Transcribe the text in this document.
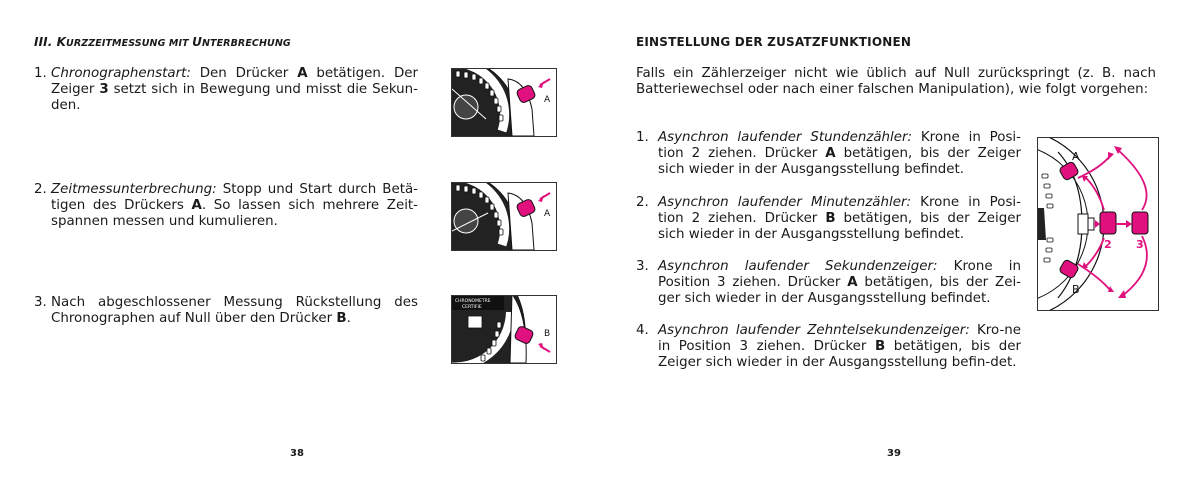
III. KURZZEITMESSUNG MIT UNTERBRECHUNG
1. Chronographenstart: Den Drücker A betätigen. Der Zeiger 3 setzt sich in Bewegung und misst die Sekun-den.
2. Zeitmessunterbrechung: Stopp und Start durch Betä-tigen des Drückers A. So lassen sich mehrere Zeit-spannen messen und kumulieren.
3. Nach abgeschlossener Messung Rückstellung des Chronographen auf Null über den Drücker B.
A
A
CHRONOMETRE
CERTIFIE
B
38
EINSTELLUNG DER ZUSATZFUNKTIONEN
Falls ein Zählerzeiger nicht wie üblich auf Null zurückspringt (z. B. nach Batteriewechsel oder nach einer falschen Manipulation), wie folgt vorgehen:
1. Asynchron laufender Stundenzähler: Krone in Posi-tion 2 ziehen. Drücker A betätigen, bis der Zeiger sich wieder in der Ausgangsstellung befindet.
2. Asynchron laufender Minutenzähler: Krone in Posi-tion 2 ziehen. Drücker B betätigen, bis der Zeiger sich wieder in der Ausgangsstellung befindet.
3. Asynchron laufender Sekundenzeiger: Krone in Position 3 ziehen. Drücker A betätigen, bis der Zei-ger sich wieder in der Ausgangsstellung befindet.
4. Asynchron laufender Zehntelsekundenzeiger: Kro-ne in Position 3 ziehen. Drücker B betätigen, bis der Zeiger sich wieder in der Ausgangsstellung befin-det.
A
B
2 3
39
